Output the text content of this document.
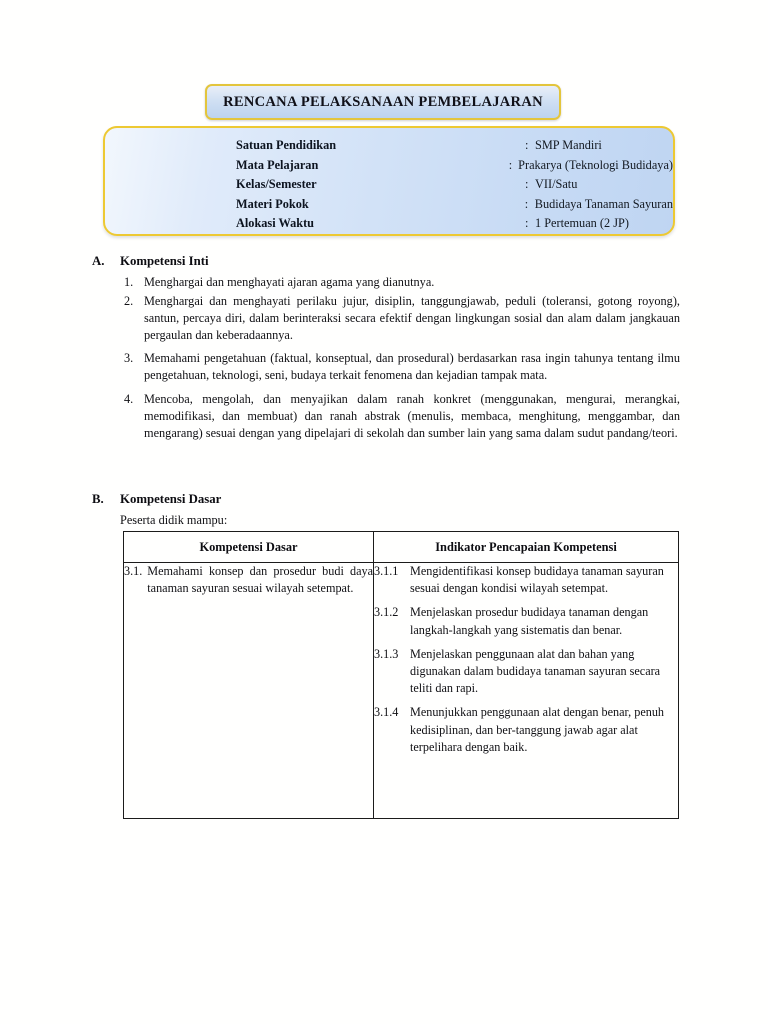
RENCANA PELAKSANAAN PEMBELAJARAN
Satuan Pendidikan	: SMP Mandiri
Mata Pelajaran	: Prakarya (Teknologi Budidaya)
Kelas/Semester	: VII/Satu
Materi Pokok	: Budidaya Tanaman Sayuran
Alokasi Waktu	: 1 Pertemuan (2 JP)
A.	Kompetensi Inti
1. Menghargai dan menghayati ajaran agama yang dianutnya.
2. Menghargai dan menghayati perilaku jujur, disiplin, tanggungjawab, peduli (toleransi, gotong royong), santun, percaya diri, dalam berinteraksi secara efektif dengan lingkungan sosial dan alam dalam jangkauan pergaulan dan keberadaannya.
3. Memahami pengetahuan (faktual, konseptual, dan prosedural) berdasarkan rasa ingin tahunya tentang ilmu pengetahuan, teknologi, seni, budaya terkait fenomena dan kejadian tampak mata.
4. Mencoba, mengolah, dan menyajikan dalam ranah konkret (menggunakan, mengurai, merangkai, memodifikasi, dan membuat) dan ranah abstrak (menulis, membaca, menghitung, menggambar, dan mengarang) sesuai dengan yang dipelajari di sekolah dan sumber lain yang sama dalam sudut pandang/teori.
B.	Kompetensi Dasar
Peserta didik mampu:
Kompetensi Dasar	Indikator Pencapaian Kompetensi

3.1. Memahami konsep dan prosedur budi daya tanaman sayuran sesuai wilayah setempat.

3.1.1 Mengidentifikasi konsep budidaya tanaman sayuran sesuai dengan kondisi wilayah setempat.
3.1.2 Menjelaskan prosedur budidaya tanaman dengan langkah-langkah yang sistematis dan benar.
3.1.3 Menjelaskan penggunaan alat dan bahan yang digunakan dalam budidaya tanaman sayuran secara teliti dan rapi.
3.1.4 Menunjukkan penggunaan alat dengan benar, penuh kedisiplinan, dan ber-tanggung jawab agar alat terpelihara dengan baik.
